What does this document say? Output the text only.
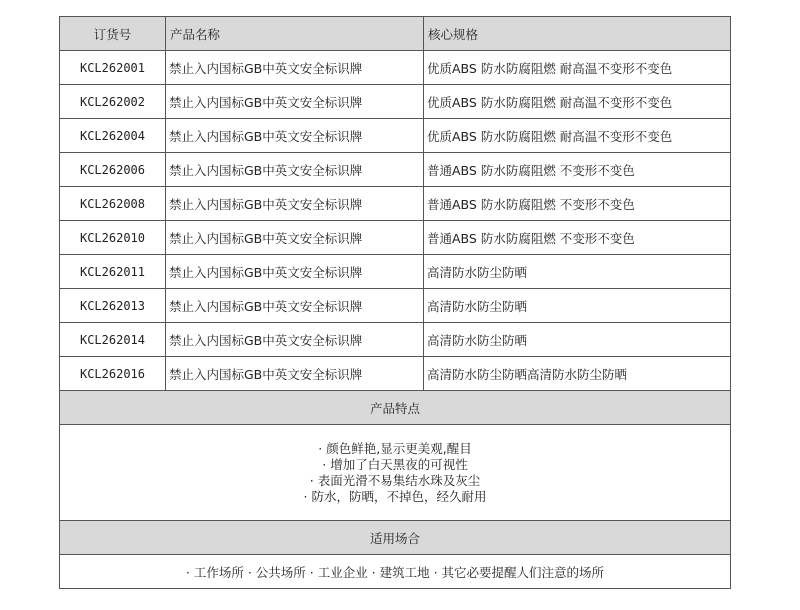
订货号	产品名称	核心规格
KCL262001	禁止入内国标GB中英文安全标识牌	优质ABS 防水防腐阻燃 耐高温不变形不变色
KCL262002	禁止入内国标GB中英文安全标识牌	优质ABS 防水防腐阻燃 耐高温不变形不变色
KCL262004	禁止入内国标GB中英文安全标识牌	优质ABS 防水防腐阻燃 耐高温不变形不变色
KCL262006	禁止入内国标GB中英文安全标识牌	普通ABS 防水防腐阻燃 不变形不变色
KCL262008	禁止入内国标GB中英文安全标识牌	普通ABS 防水防腐阻燃 不变形不变色
KCL262010	禁止入内国标GB中英文安全标识牌	普通ABS 防水防腐阻燃 不变形不变色
KCL262011	禁止入内国标GB中英文安全标识牌	高清防水防尘防晒
KCL262013	禁止入内国标GB中英文安全标识牌	高清防水防尘防晒
KCL262014	禁止入内国标GB中英文安全标识牌	高清防水防尘防晒
KCL262016	禁止入内国标GB中英文安全标识牌	高清防水防尘防晒高清防水防尘防晒
产品特点		

· 颜色鲜艳,显示更美观,醒目
· 增加了白天黑夜的可视性
· 表面光滑不易集结水珠及灰尘
· 防水，防晒，不掉色，经久耐用		

适用场合		
· 工作场所 · 公共场所 · 工业企业 · 建筑工地 · 其它必要提醒人们注意的场所		
